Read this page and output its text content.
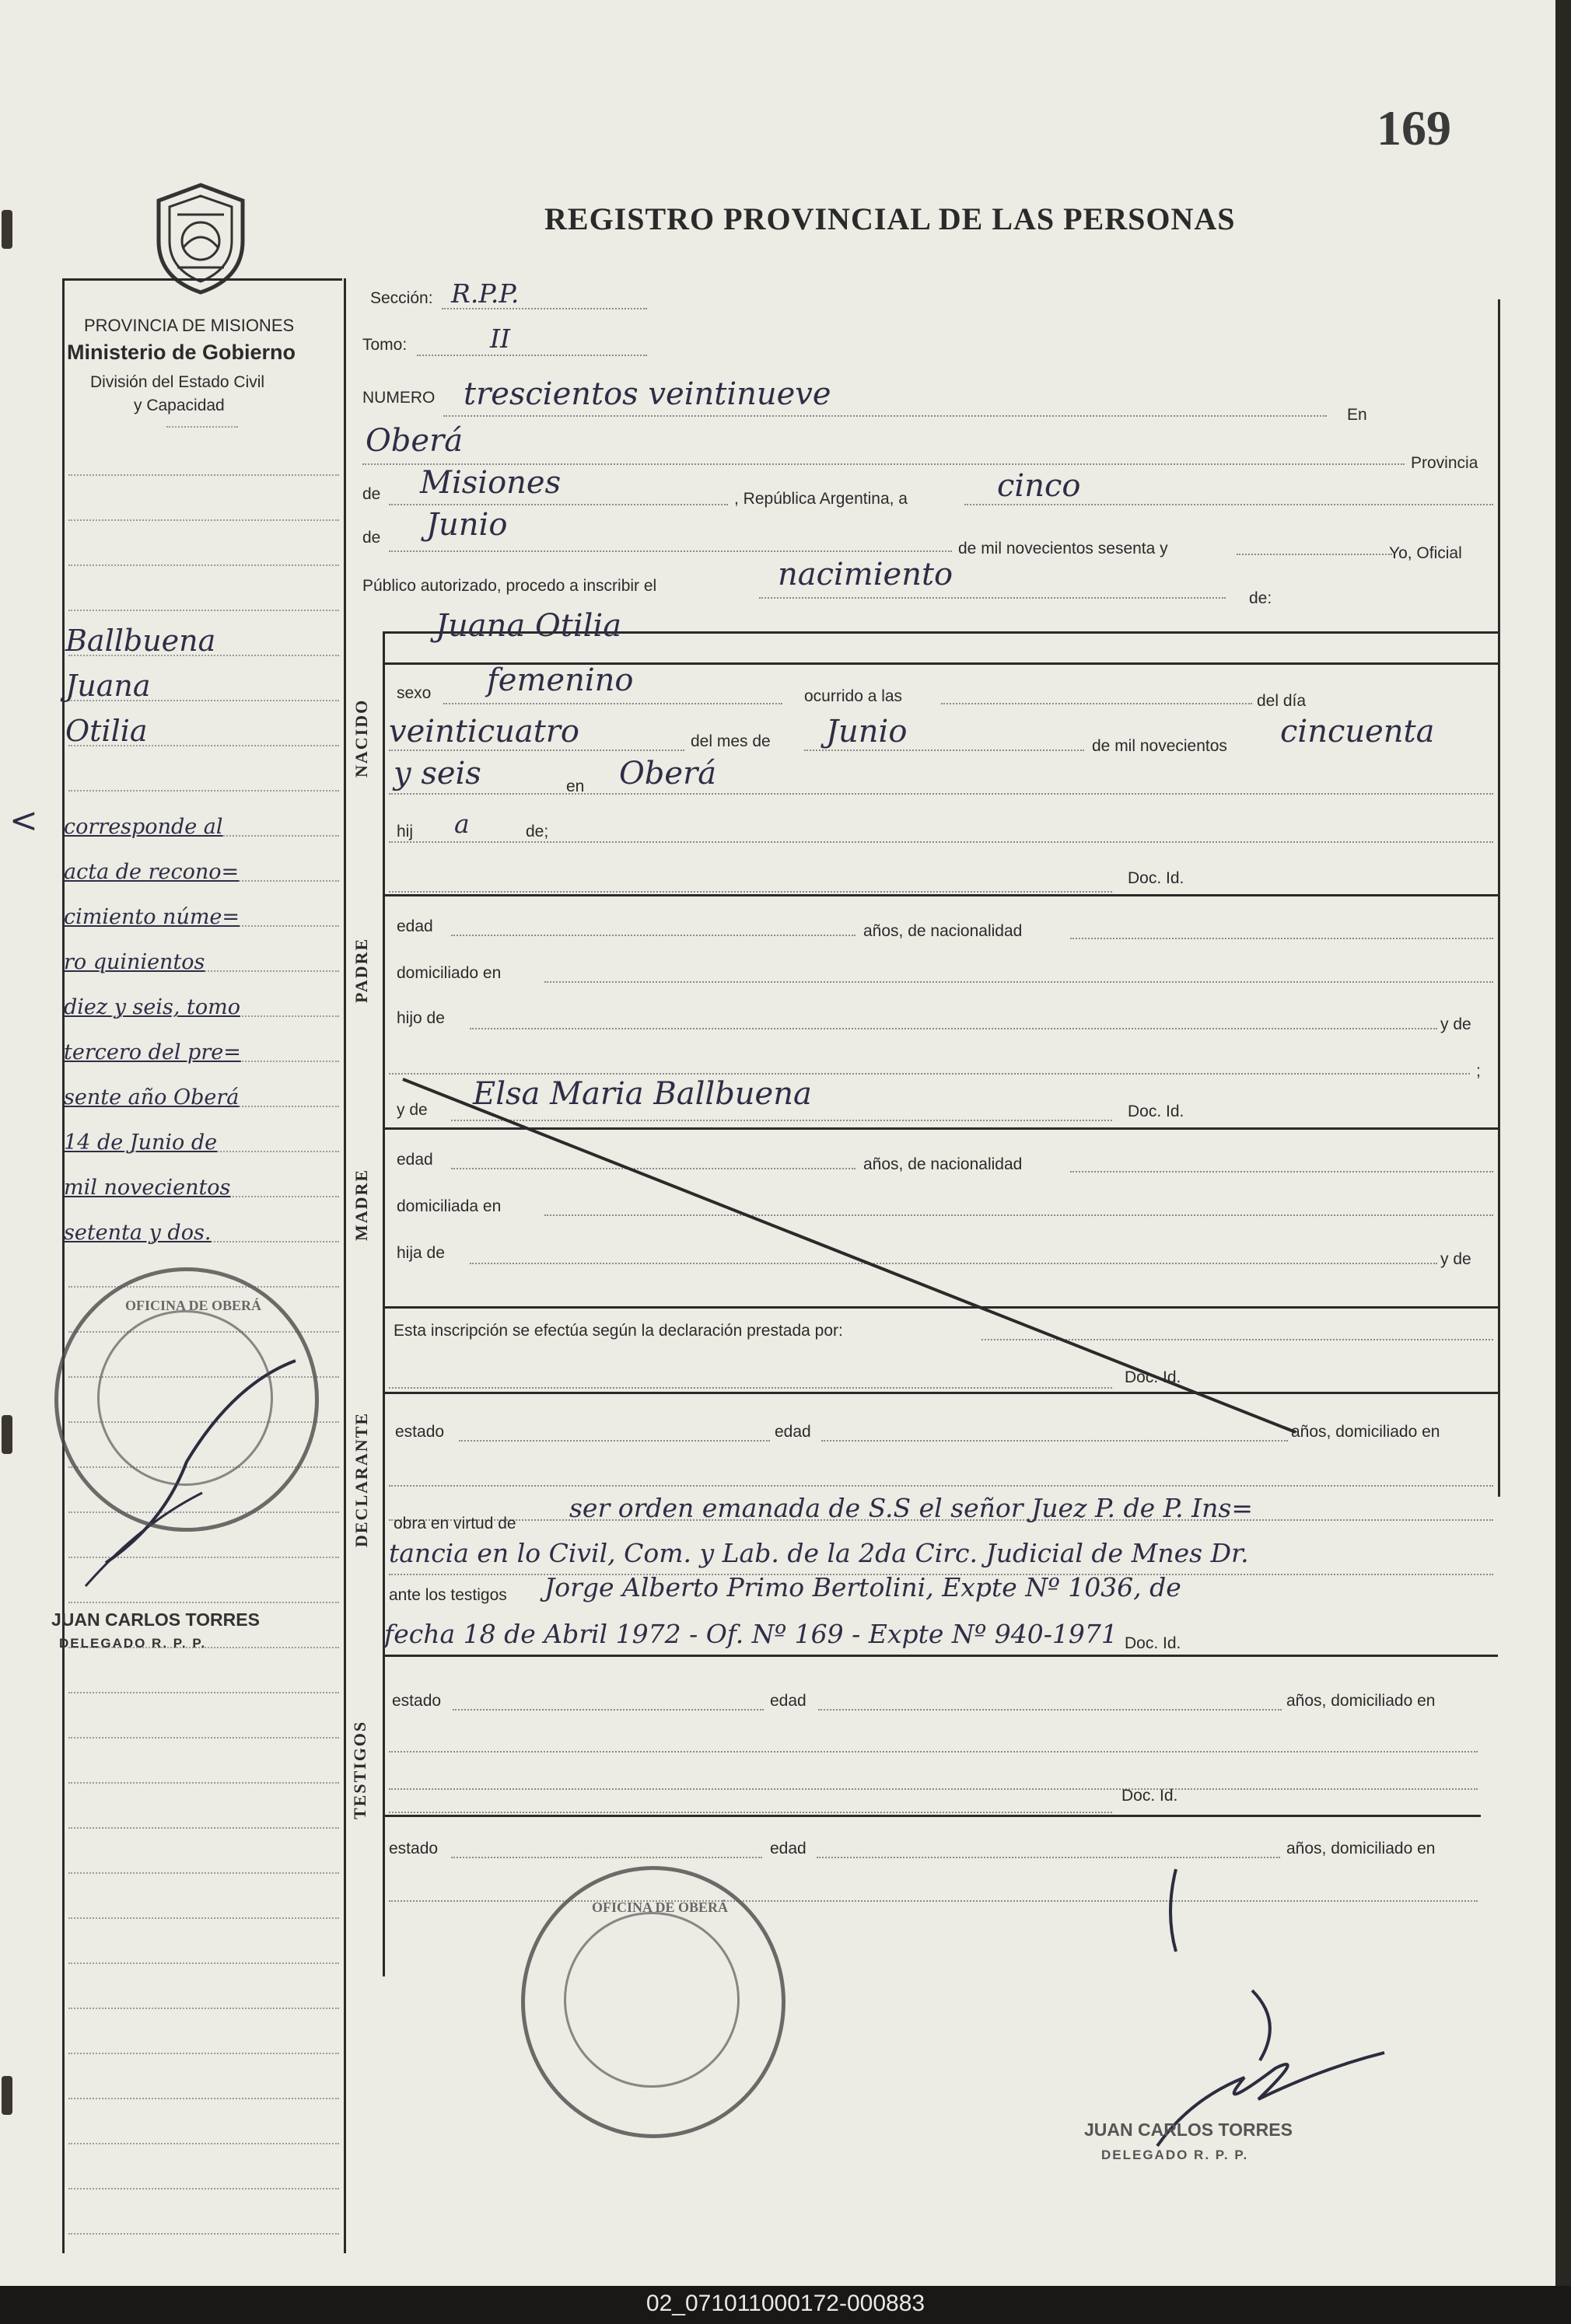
169
REGISTRO PROVINCIAL DE LAS PERSONAS
PROVINCIA DE MISIONES
Ministerio de Gobierno
División del Estado Civil
y Capacidad
Sección: R.P.P.
Tomo:	II
NUMERO trescientos veintinueve
En
Oberá
Provincia
de Misiones	, República Argentina, a	cinco
de Junio
de mil novecientos sesenta y	Yo, Oficial
Público autorizado, procedo a inscribir el	nacimiento
de:
Juana Otilia
sexo femenino	ocurrido a las	del día
veinticuatro	del mes de Junio	de mil novecientos cincuenta
y seis	en Oberá
hij a	de;
Doc. Id.
edad	años, de nacionalidad
domiciliado en
hijo de	y de
;
y de Elsa Maria Ballbuena	Doc. Id.
edad	años, de nacionalidad
domiciliada en
hija de	y de
Esta inscripción se efectúa según la declaración prestada por:
Doc. Id.
estado	edad	años, domiciliado en
obra en virtud de
ser orden emanada de S.S el señor Juez P. de P. Ins=
tancia en lo Civil, Com. y Lab. de la 2da Circ. Judicial de Mnes Dr.
ante los testigos Jorge Alberto Primo Bertolini, Expte Nº 1036, de
fecha 18 de Abril 1972 - Of. Nº 169 - Expte Nº 940-1971 Doc. Id.
estado	edad	años, domiciliado en
Doc. Id.
estado	edad	años, domiciliado en
NACIDO
PADRE
MADRE
DECLARANTE
TESTIGOS
Ballbuena
Juana
Otilia
corresponde al
acta de recono=
cimiento núme=
ro quinientos
diez y seis, tomo
tercero del pre=
sente año Oberá
14 de Junio de
mil novecientos
setenta y dos.
<
OFICINA DE OBERÁ
JUAN CARLOS TORRES
DELEGADO R. P. P.
OFICINA DE OBERÁ
JUAN CARLOS TORRES
DELEGADO R. P. P.
02_071011000172-000883
